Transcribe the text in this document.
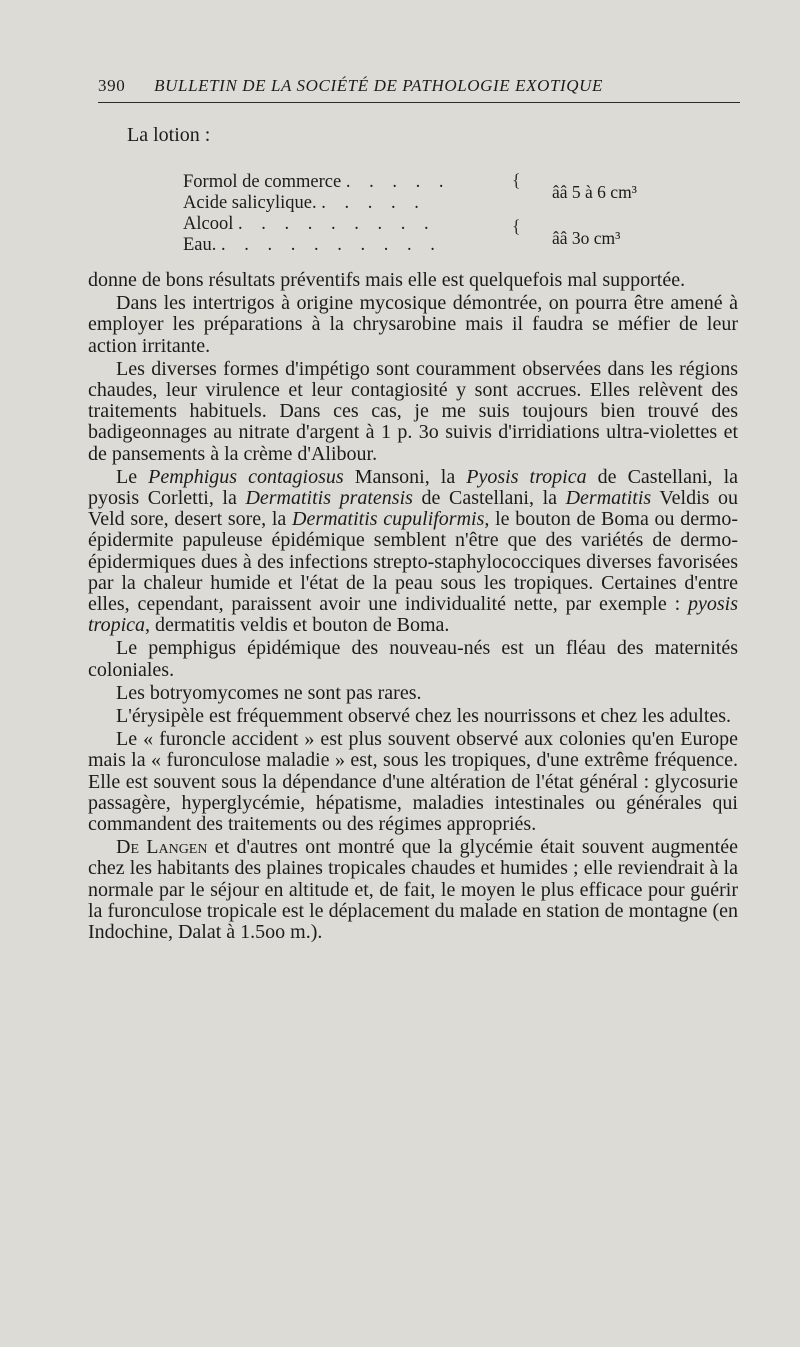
390 BULLETIN DE LA SOCIÉTÉ DE PATHOLOGIE EXOTIQUE
La lotion :
Formol de commerce . . . . .
Acide salicylique. . . . . .
Alcool . . . . . . . . .
Eau. . . . . . . . . . .
{
{
ââ 5 à 6 cm³
ââ 3o cm³

donne de bons résultats préventifs mais elle est quelquefois mal supportée.

Dans les intertrigos à origine mycosique démontrée, on pourra être amené à employer les préparations à la chrysarobine mais il faudra se méfier de leur action irritante.

Les diverses formes d'impétigo sont couramment observées dans les régions chaudes, leur virulence et leur contagiosité y sont accrues. Elles relèvent des traitements habituels. Dans ces cas, je me suis toujours bien trouvé des badigeonnages au nitrate d'argent à 1 p. 3o suivis d'irridiations ultra-violettes et de pansements à la crème d'Alibour.

Le Pemphigus contagiosus Mansoni, la Pyosis tropica de Castellani, la pyosis Corletti, la Dermatitis pratensis de Castellani, la Dermatitis Veldis ou Veld sore, desert sore, la Dermatitis cupuliformis, le bouton de Boma ou dermo-épidermite papuleuse épidémique semblent n'être que des variétés de dermo-épidermiques dues à des infections strepto-staphylococciques diverses favorisées par la chaleur humide et l'état de la peau sous les tropiques. Certaines d'entre elles, cependant, paraissent avoir une individualité nette, par exemple : pyosis tropica, dermatitis veldis et bouton de Boma.

Le pemphigus épidémique des nouveau-nés est un fléau des maternités coloniales.

Les botryomycomes ne sont pas rares.

L'érysipèle est fréquemment observé chez les nourrissons et chez les adultes.

Le « furoncle accident » est plus souvent observé aux colonies qu'en Europe mais la « furonculose maladie » est, sous les tropiques, d'une extrême fréquence. Elle est souvent sous la dépendance d'une altération de l'état général : glycosurie passagère, hyperglycémie, hépatisme, maladies intestinales ou générales qui commandent des traitements ou des régimes appropriés.

De Langen et d'autres ont montré que la glycémie était souvent augmentée chez les habitants des plaines tropicales chaudes et humides ; elle reviendrait à la normale par le séjour en altitude et, de fait, le moyen le plus efficace pour guérir la furonculose tropicale est le déplacement du malade en station de montagne (en Indochine, Dalat à 1.5oo m.).
